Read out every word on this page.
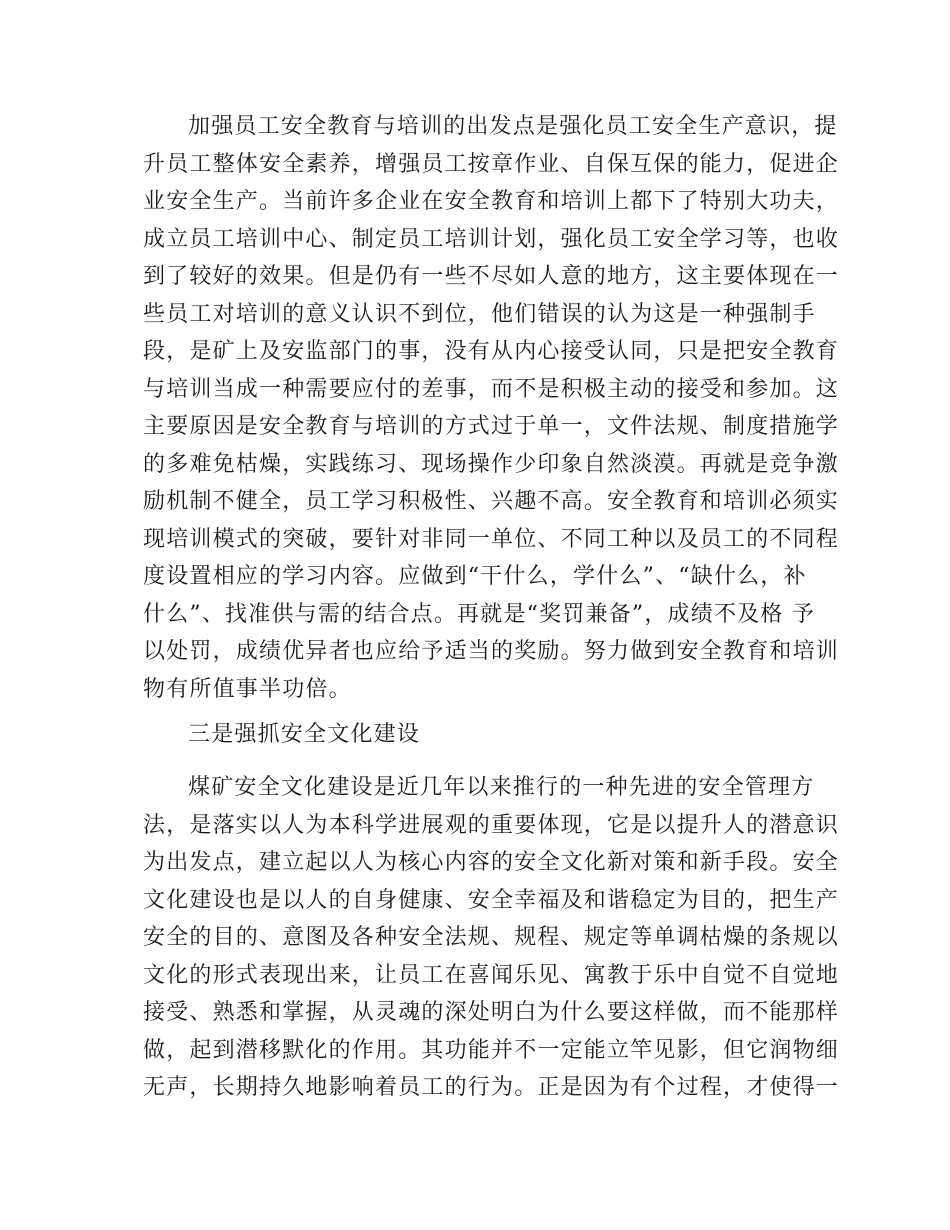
加强员工安全教育与培训的出发点是强化员工安全生产意识，提
升员工整体安全素养，增强员工按章作业、自保互保的能力，促进企
业安全生产。当前许多企业在安全教育和培训上都下了特别大功夫，
成立员工培训中心、制定员工培训计划，强化员工安全学习等，也收
到了较好的效果。但是仍有一些不尽如人意的地方，这主要体现在一
些员工对培训的意义认识不到位，他们错误的认为这是一种强制手
段，是矿上及安监部门的事，没有从内心接受认同，只是把安全教育
与培训当成一种需要应付的差事，而不是积极主动的接受和参加。这
主要原因是安全教育与培训的方式过于单一，文件法规、制度措施学
的多难免枯燥，实践练习、现场操作少印象自然淡漠。再就是竞争激
励机制不健全，员工学习积极性、兴趣不高。安全教育和培训必须实
现培训模式的突破，要针对非同一单位、不同工种以及员工的不同程
度设置相应的学习内容。应做到“干什么，学什么”、“缺什么，补
什么”、找准供与需的结合点。再就是“奖罚兼备”，成绩不及格 予
以处罚，成绩优异者也应给予适当的奖励。努力做到安全教育和培训
物有所值事半功倍。
三是强抓安全文化建设
煤矿安全文化建设是近几年以来推行的一种先进的安全管理方
法，是落实以人为本科学进展观的重要体现，它是以提升人的潜意识
为出发点，建立起以人为核心内容的安全文化新对策和新手段。安全
文化建设也是以人的自身健康、安全幸福及和谐稳定为目的，把生产
安全的目的、意图及各种安全法规、规程、规定等单调枯燥的条规以
文化的形式表现出来，让员工在喜闻乐见、寓教于乐中自觉不自觉地
接受、熟悉和掌握，从灵魂的深处明白为什么要这样做，而不能那样
做，起到潜移默化的作用。其功能并不一定能立竿见影，但它润物细
无声，长期持久地影响着员工的行为。正是因为有个过程，才使得一
